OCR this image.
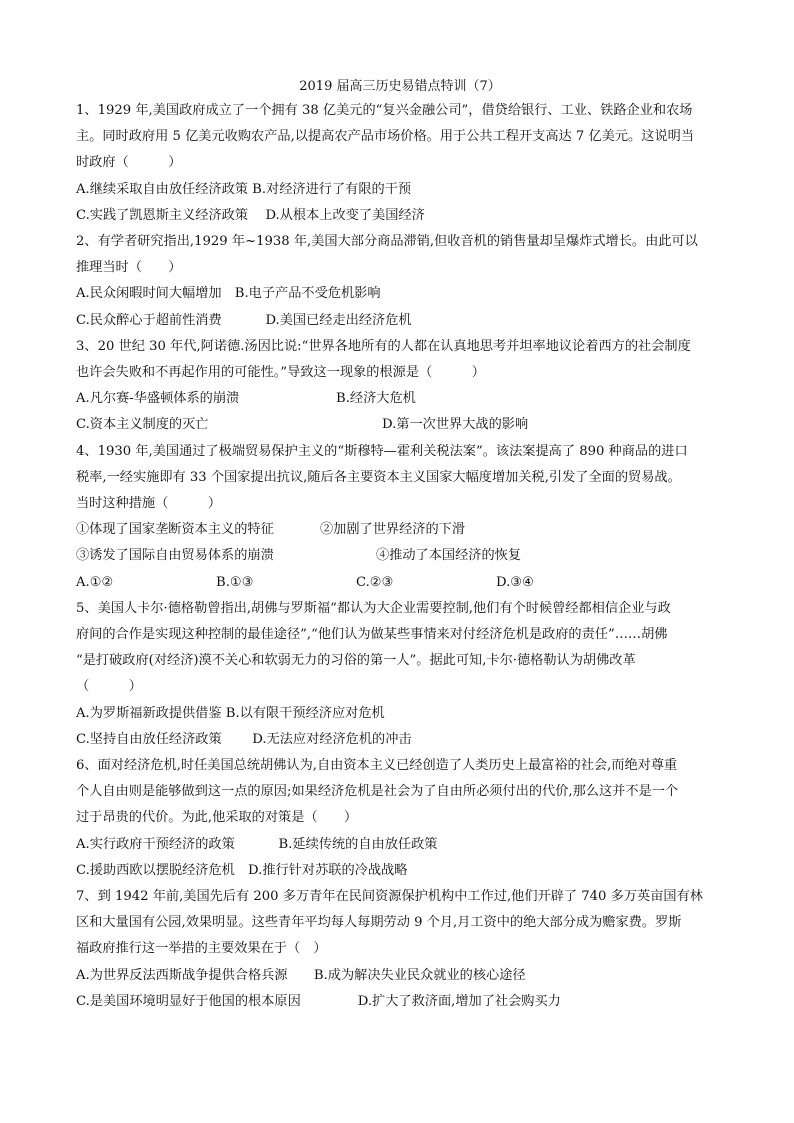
2019 届高三历史易错点特训（7）

1、1929 年,美国政府成立了一个拥有 38 亿美元的“复兴金融公司”，借贷给银行、工业、铁路企业和农场

主。同时政府用 5 亿美元收购农产品,以提高农产品市场价格。用于公共工程开支高达 7 亿美元。这说明当

时政府（　　　）

A.继续采取自由放任经济政策 B.对经济进行了有限的干预

C.实践了凯恩斯主义经济政策　 D.从根本上改变了美国经济

2、有学者研究指出,1929 年~1938 年,美国大部分商品滞销,但收音机的销售量却呈爆炸式增长。由此可以

推理当时（　　）

A.民众闲暇时间大幅增加　B.电子产品不受危机影响

C.民众醉心于超前性消费　　　 D.美国已经走出经济危机

3、20 世纪 30 年代,阿诺德.汤因比说:“世界各地所有的人都在认真地思考并坦率地议论着西方的社会制度

也许会失败和不再起作用的可能性。”导致这一现象的根源是（　　　）

A.凡尔赛-华盛顿体系的崩溃	B.经济大危机
C.资本主义制度的灭亡	D.第一次世界大战的影响

4、1930 年,美国通过了极端贸易保护主义的“斯穆特—霍利关税法案”。该法案提高了 890 种商品的进口

税率,一经实施即有 33 个国家提出抗议,随后各主要资本主义国家大幅度增加关税,引发了全面的贸易战。

当时这种措施（　　　）

①体现了国家垄断资本主义的特征	②加剧了世界经济的下滑
③诱发了国际自由贸易体系的崩溃	④推动了本国经济的恢复
A.①②	B.①③	C.②③	D.③④

5、美国人卡尔·德格勒曾指出,胡佛与罗斯福“都认为大企业需要控制,他们有个时候曾经都相信企业与政

府间的合作是实现这种控制的最佳途径”,“他们认为做某些事情来对付经济危机是政府的责任”……胡佛

“是打破政府(对经济)漠不关心和软弱无力的习俗的第一人”。据此可知,卡尔·德格勒认为胡佛改革

（　　　）

A.为罗斯福新政提供借鉴 B.以有限干预经济应对危机

C.坚持自由放任经济政策　　 D.无法应对经济危机的冲击

6、面对经济危机,时任美国总统胡佛认为,自由资本主义已经创造了人类历史上最富裕的社会,而绝对尊重

个人自由则是能够做到这一点的原因;如果经济危机是社会为了自由所必须付出的代价,那么这并不是一个

过于昂贵的代价。为此,他采取的对策是（　　）

A.实行政府干预经济的政策　　　 B.延续传统的自由放任政策

C.援助西欧以摆脱经济危机　D.推行针对苏联的冷战战略

7、到 1942 年前,美国先后有 200 多万青年在民间资源保护机构中工作过,他们开辟了 740 多万英亩国有林

区和大量国有公园,效果明显。这些青年平均每人每期劳动 9 个月,月工资中的绝大部分成为赡家费。罗斯

福政府推行这一举措的主要效果在于（　）

A.为世界反法西斯战争提供合格兵源　　B.成为解决失业民众就业的核心途径

C.是美国环境明显好于他国的根本原因　　　　 D.扩大了救济面,增加了社会购买力
